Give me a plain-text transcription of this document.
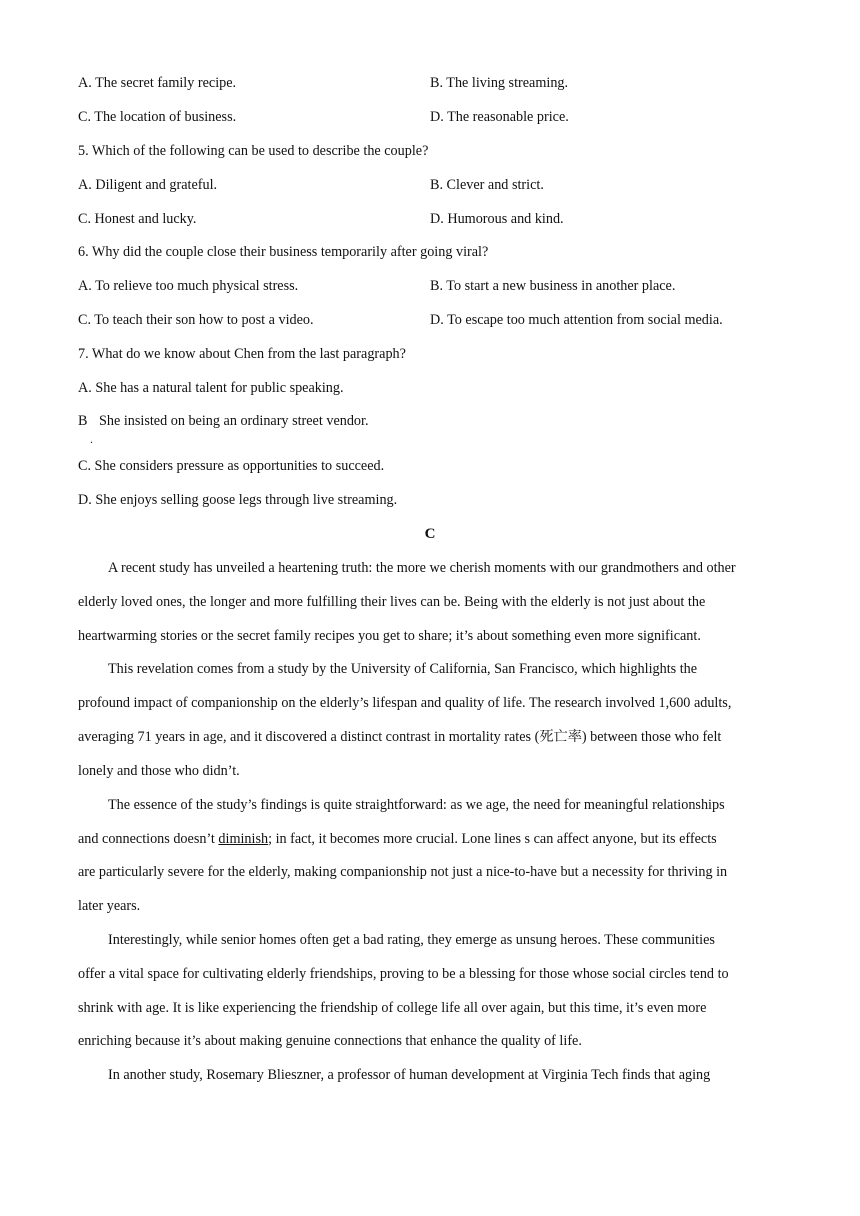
A. The secret family recipe.	B. The living streaming.
C. The location of business.	D. The reasonable price.
5. Which of the following can be used to describe the couple?
A. Diligent and grateful.	B. Clever and strict.
C. Honest and lucky.	D. Humorous and kind.
6. Why did the couple close their business temporarily after going viral?
A. To relieve too much physical stress.	B. To start a new business in another place.
C. To teach their son how to post a video.	D. To escape too much attention from social media.
7. What do we know about Chen from the last paragraph?
A. She has a natural talent for public speaking.
B She insisted on being an ordinary street vendor.
.
C. She considers pressure as opportunities to succeed.
D. She enjoys selling goose legs through live streaming.
C
A recent study has unveiled a heartening truth: the more we cherish moments with our grandmothers and other
elderly loved ones, the longer and more fulfilling their lives can be. Being with the elderly is not just about the
heartwarming stories or the secret family recipes you get to share; it’s about something even more significant.
This revelation comes from a study by the University of California, San Francisco, which highlights the
profound impact of companionship on the elderly’s lifespan and quality of life. The research involved 1,600 adults,
averaging 71 years in age, and it discovered a distinct contrast in mortality rates (死亡率) between those who felt
lonely and those who didn’t.
The essence of the study’s findings is quite straightforward: as we age, the need for meaningful relationships
and connections doesn’t diminish; in fact, it becomes more crucial. Lone lines s can affect anyone, but its effects
are particularly severe for the elderly, making companionship not just a nice-to-have but a necessity for thriving in
later years.
Interestingly, while senior homes often get a bad rating, they emerge as unsung heroes. These communities
offer a vital space for cultivating elderly friendships, proving to be a blessing for those whose social circles tend to
shrink with age. It is like experiencing the friendship of college life all over again, but this time, it’s even more
enriching because it’s about making genuine connections that enhance the quality of life.
In another study, Rosemary Blieszner, a professor of human development at Virginia Tech finds that aging
